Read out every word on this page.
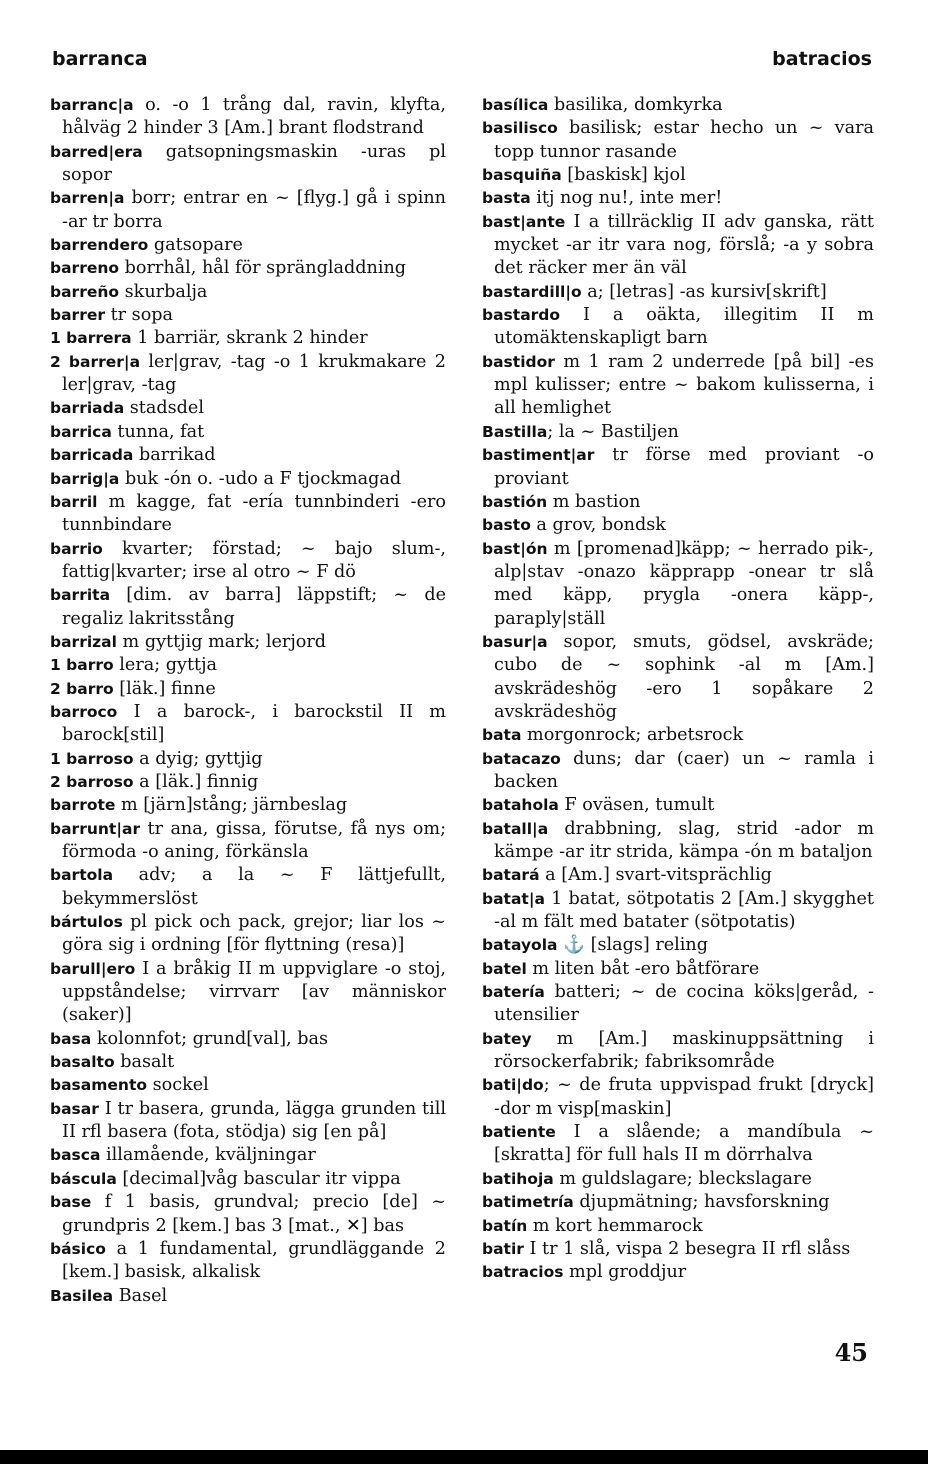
barranca	batracios

barranc|a o. -o 1 trång dal, ravin, klyfta, hålväg 2 hinder 3 [Am.] brant flodstrand

barred|era gatsopningsmaskin -uras pl sopor

barren|a borr; entrar en ~ [flyg.] gå i spinn -ar tr borra

barrendero gatsopare

barreno borrhål, hål för sprängladdning

barreño skurbalja

barrer tr sopa

1 barrera 1 barriär, skrank 2 hinder

2 barrer|a ler|grav, -tag -o 1 krukmakare 2 ler|grav, -tag

barriada stadsdel

barrica tunna, fat

barricada barrikad

barrig|a buk -ón o. -udo a F tjockmagad

barril m kagge, fat -ería tunnbinderi -ero tunnbindare

barrio kvarter; förstad; ~ bajo slum-, fattig|kvarter; irse al otro ~ F dö

barrita [dim. av barra] läppstift; ~ de regaliz lakritsstång

barrizal m gyttjig mark; lerjord

1 barro lera; gyttja

2 barro [läk.] finne

barroco I a barock-, i barockstil II m barock[stil]

1 barroso a dyig; gyttjig

2 barroso a [läk.] finnig

barrote m [järn]stång; järnbeslag

barrunt|ar tr ana, gissa, förutse, få nys om; förmoda -o aning, förkänsla

bartola adv; a la ~ F lättjefullt, bekymmerslöst

bártulos pl pick och pack, grejor; liar los ~ göra sig i ordning [för flyttning (resa)]

barull|ero I a bråkig II m uppviglare -o stoj, uppståndelse; virrvarr [av människor (saker)]

basa kolonnfot; grund[val], bas

basalto basalt

basamento sockel

basar I tr basera, grunda, lägga grunden till II rfl basera (fota, stödja) sig [en på]

basca illamående, kväljningar

báscula [decimal]våg bascular itr vippa

base f 1 basis, grundval; precio [de] ~ grundpris 2 [kem.] bas 3 [mat., ✕] bas

básico a 1 fundamental, grundläggande 2 [kem.] basisk, alkalisk

Basilea Basel

basílica basilika, domkyrka

basilisco basilisk; estar hecho un ~ vara topp tunnor rasande

basquiña [baskisk] kjol

basta itj nog nu!, inte mer!

bast|ante I a tillräcklig II adv ganska, rätt mycket -ar itr vara nog, förslå; -a y sobra det räcker mer än väl

bastardill|o a; [letras] -as kursiv[skrift]

bastardo I a oäkta, illegitim II m utomäktenskapligt barn

bastidor m 1 ram 2 underrede [på bil] -es mpl kulisser; entre ~ bakom kulisserna, i all hemlighet

Bastilla; la ~ Bastiljen

bastiment|ar tr förse med proviant -o proviant

bastión m bastion

basto a grov, bondsk

bast|ón m [promenad]käpp; ~ herrado pik-, alp|stav -onazo käpprapp -onear tr slå med käpp, prygla -onera käpp-, paraply|ställ

basur|a sopor, smuts, gödsel, avskräde; cubo de ~ sophink -al m [Am.] avskrädeshög -ero 1 sopåkare 2 avskrädeshög

bata morgonrock; arbetsrock

batacazo duns; dar (caer) un ~ ramla i backen

batahola F oväsen, tumult

batall|a drabbning, slag, strid -ador m kämpe -ar itr strida, kämpa -ón m bataljon

batará a [Am.] svart-vitsprächlig

batat|a 1 batat, sötpotatis 2 [Am.] skygghet -al m fält med batater (sötpotatis)

batayola ⚓ [slags] reling

batel m liten båt -ero båtförare

batería batteri; ~ de cocina köks|geråd, -utensilier

batey m [Am.] maskinuppsättning i rörsockerfabrik; fabriksområde

bati|do; ~ de fruta uppvispad frukt [dryck] -dor m visp[maskin]

batiente I a slående; a mandíbula ~ [skratta] för full hals II m dörrhalva

batihoja m guldslagare; bleckslagare

batimetría djupmätning; havsforskning

batín m kort hemmarock

batir I tr 1 slå, vispa 2 besegra II rfl slåss

batracios mpl groddjur

45
